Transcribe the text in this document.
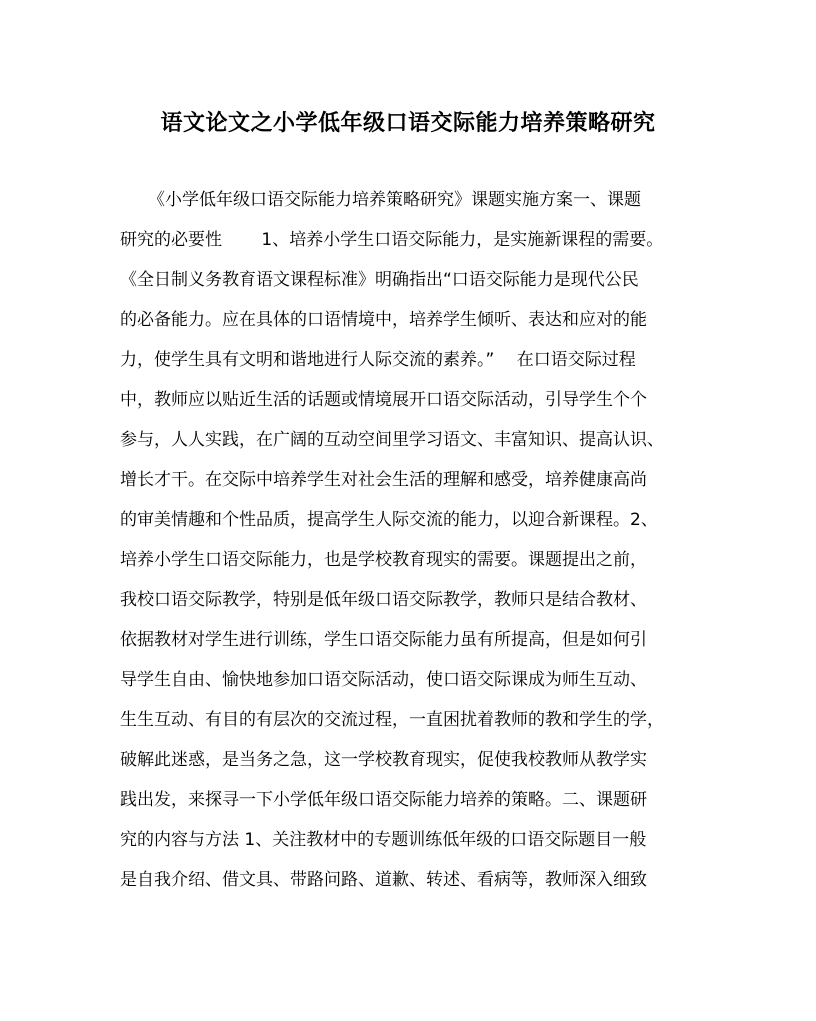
语文论文之小学低年级口语交际能力培养策略研究
《小学低年级口语交际能力培养策略研究》课题实施方案一、课题
研究的必要性　　 1、培养小学生口语交际能力，是实施新课程的需要。
《全日制义务教育语文课程标准》明确指出“口语交际能力是现代公民
的必备能力。应在具体的口语情境中，培养学生倾听、表达和应对的能
力，使学生具有文明和谐地进行人际交流的素养。”　 在口语交际过程
中，教师应以贴近生活的话题或情境展开口语交际活动，引导学生个个
参与，人人实践，在广阔的互动空间里学习语文、丰富知识、提高认识、
增长才干。在交际中培养学生对社会生活的理解和感受，培养健康高尚
的审美情趣和个性品质，提高学生人际交流的能力，以迎合新课程。2、
培养小学生口语交际能力，也是学校教育现实的需要。课题提出之前，
我校口语交际教学，特别是低年级口语交际教学，教师只是结合教材、
依据教材对学生进行训练，学生口语交际能力虽有所提高，但是如何引
导学生自由、愉快地参加口语交际活动，使口语交际课成为师生互动、
生生互动、有目的有层次的交流过程，一直困扰着教师的教和学生的学，
破解此迷惑，是当务之急，这一学校教育现实，促使我校教师从教学实
践出发，来探寻一下小学低年级口语交际能力培养的策略。二、课题研
究的内容与方法 1、关注教材中的专题训练低年级的口语交际题目一般
是自我介绍、借文具、带路问路、道歉、转述、看病等，教师深入细致
